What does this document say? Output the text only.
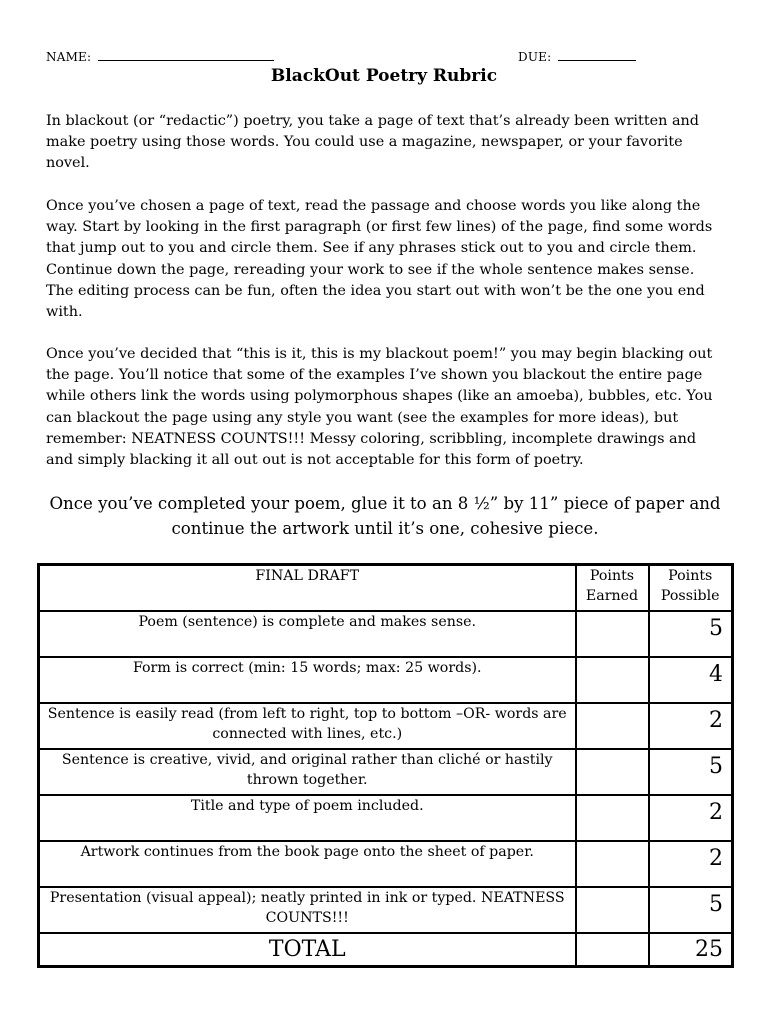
NAME:	DUE:
BlackOut Poetry Rubric
In blackout (or “redactic”) poetry, you take a page of text that’s already been written and make poetry using those words. You could use a magazine, newspaper, or your favorite novel.
Once you’ve chosen a page of text, read the passage and choose words you like along the way. Start by looking in the first paragraph (or first few lines) of the page, find some words that jump out to you and circle them. See if any phrases stick out to you and circle them. Continue down the page, rereading your work to see if the whole sentence makes sense. The editing process can be fun, often the idea you start out with won’t be the one you end with.
Once you’ve decided that “this is it, this is my blackout poem!” you may begin blacking out the page. You’ll notice that some of the examples I’ve shown you blackout the entire page while others link the words using polymorphous shapes (like an amoeba), bubbles, etc. You can blackout the page using any style you want (see the examples for more ideas), but remember: NEATNESS COUNTS!!! Messy coloring, scribbling, incomplete drawings and and simply blacking it all out out is not acceptable for this form of poetry.
Once you’ve completed your poem, glue it to an 8 ½” by 11” piece of paper and continue the artwork until it’s one, cohesive piece.
FINAL DRAFT	Points Earned	Points Possible
Poem (sentence) is complete and makes sense.		5
Form is correct (min: 15 words; max: 25 words).		4
Sentence is easily read (from left to right, top to bottom –OR- words are connected with lines, etc.)		2
Sentence is creative, vivid, and original rather than cliché or hastily thrown together.		5
Title and type of poem included.		2
Artwork continues from the book page onto the sheet of paper.		2
Presentation (visual appeal); neatly printed in ink or typed. NEATNESS COUNTS!!!		5
TOTAL		25
